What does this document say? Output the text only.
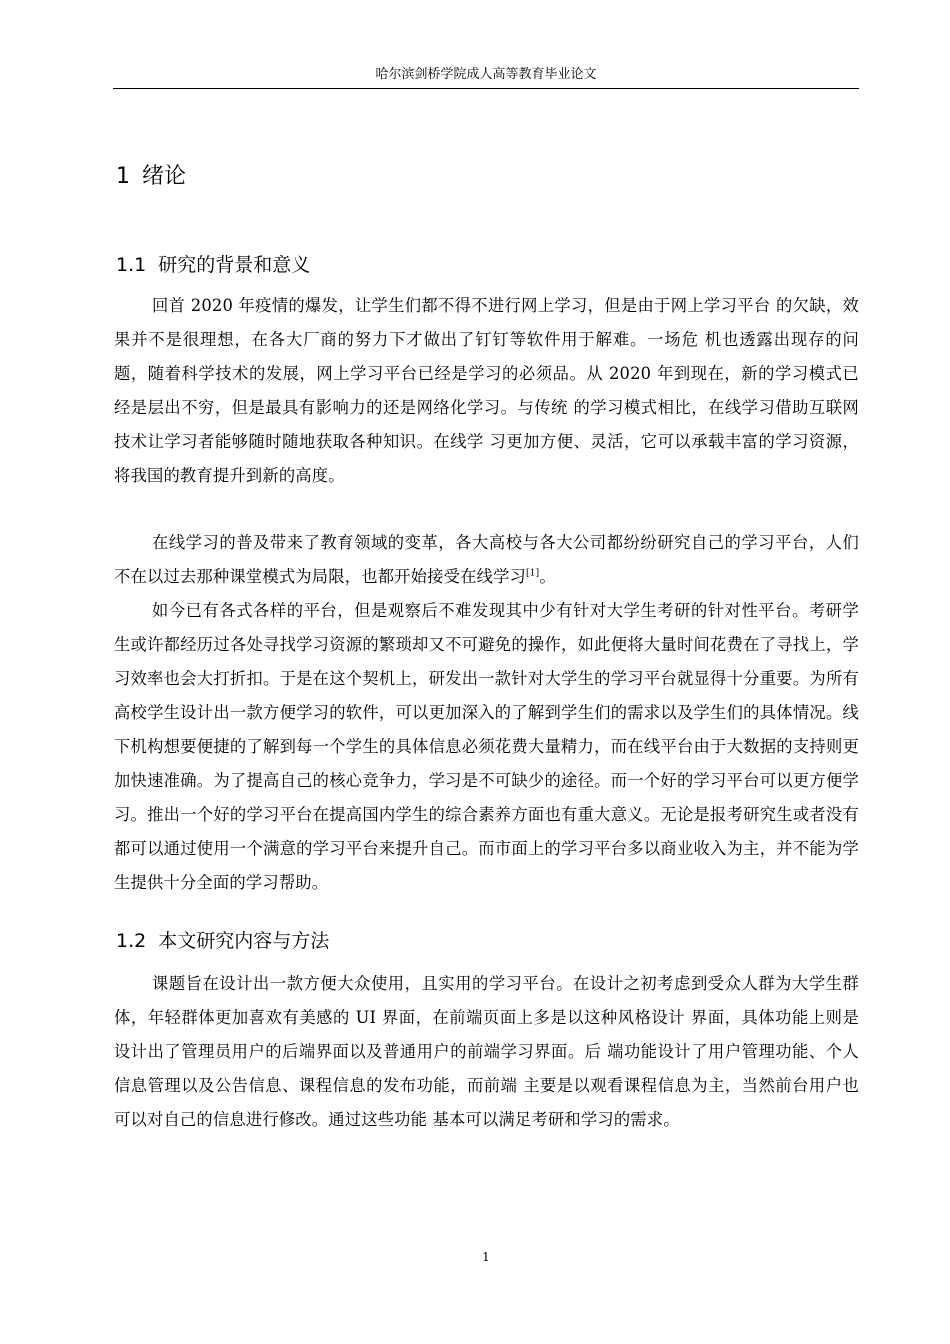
哈尔滨剑桥学院成人高等教育毕业论文
1 绪论
1.1 研究的背景和意义

回首 2020 年疫情的爆发，让学生们都不得不进行网上学习，但是由于网上学习平台 的欠缺，效果并不是很理想，在各大厂商的努力下才做出了钉钉等软件用于解难。一场危 机也透露出现存的问题，随着科学技术的发展，网上学习平台已经是学习的必须品。从 2020 年到现在，新的学习模式已经是层出不穷，但是最具有影响力的还是网络化学习。与传统 的学习模式相比，在线学习借助互联网技术让学习者能够随时随地获取各种知识。在线学 习更加方便、灵活，它可以承载丰富的学习资源，将我国的教育提升到新的高度。

在线学习的普及带来了教育领域的变革，各大高校与各大公司都纷纷研究自己的学习平台，人们不在以过去那种课堂模式为局限，也都开始接受在线学习[1]。

如今已有各式各样的平台，但是观察后不难发现其中少有针对大学生考研的针对性平台。考研学生或许都经历过各处寻找学习资源的繁琐却又不可避免的操作，如此便将大量时间花费在了寻找上，学习效率也会大打折扣。于是在这个契机上，研发出一款针对大学生的学习平台就显得十分重要。为所有高校学生设计出一款方便学习的软件，可以更加深入的了解到学生们的需求以及学生们的具体情况。线下机构想要便捷的了解到每一个学生的具体信息必须花费大量精力，而在线平台由于大数据的支持则更加快速准确。为了提高自己的核心竞争力，学习是不可缺少的途径。而一个好的学习平台可以更方便学习。推出一个好的学习平台在提高国内学生的综合素养方面也有重大意义。无论是报考研究生或者没有都可以通过使用一个满意的学习平台来提升自己。而市面上的学习平台多以商业收入为主，并不能为学生提供十分全面的学习帮助。

1.2 本文研究内容与方法

课题旨在设计出一款方便大众使用，且实用的学习平台。在设计之初考虑到受众人群为大学生群体，年轻群体更加喜欢有美感的 UI 界面，在前端页面上多是以这种风格设计 界面，具体功能上则是设计出了管理员用户的后端界面以及普通用户的前端学习界面。后 端功能设计了用户管理功能、个人信息管理以及公告信息、课程信息的发布功能，而前端 主要是以观看课程信息为主，当然前台用户也可以对自己的信息进行修改。通过这些功能 基本可以满足考研和学习的需求。

1
